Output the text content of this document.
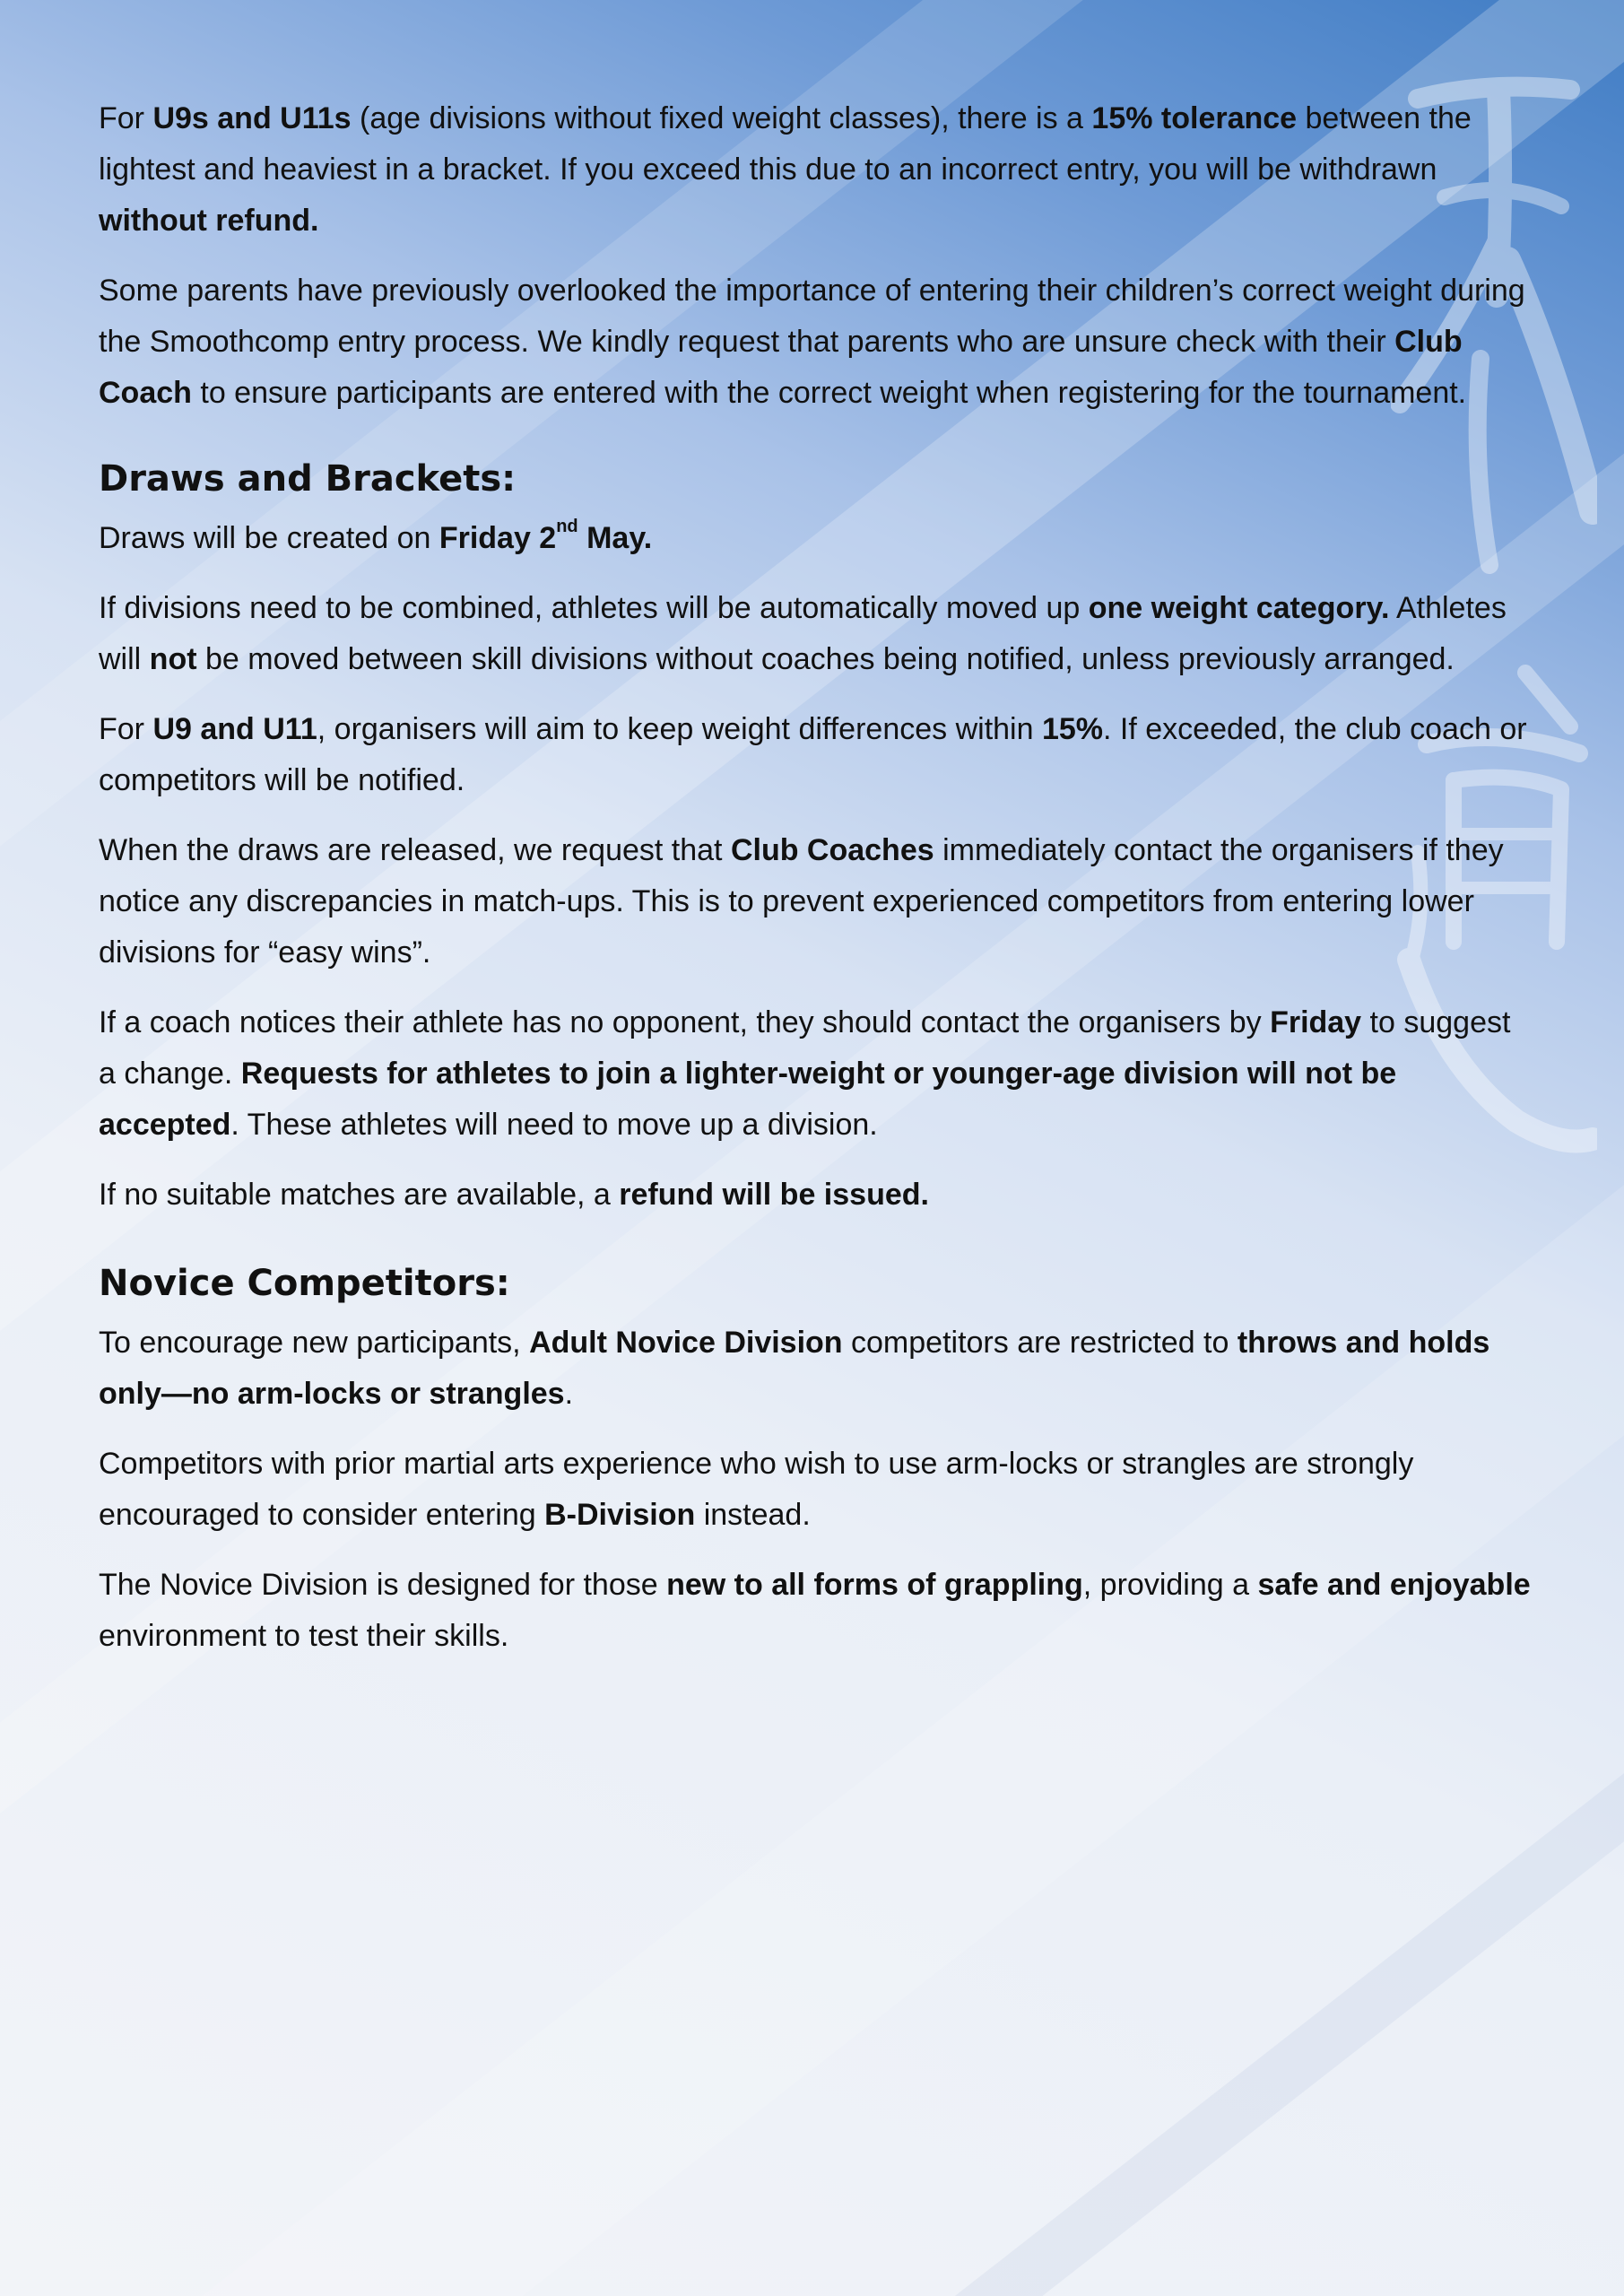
For U9s and U11s (age divisions without fixed weight classes), there is a 15% tolerance between the lightest and heaviest in a bracket. If you exceed this due to an incorrect entry, you will be withdrawn without refund.

Some parents have previously overlooked the importance of entering their children’s correct weight during the Smoothcomp entry process. We kindly request that parents who are unsure check with their Club Coach to ensure participants are entered with the correct weight when registering for the tournament.

Draws and Brackets:

Draws will be created on Friday 2nd May.

If divisions need to be combined, athletes will be automatically moved up one weight category. Athletes will not be moved between skill divisions without coaches being notified, unless previously arranged.

For U9 and U11, organisers will aim to keep weight differences within 15%. If exceeded, the club coach or competitors will be notified.

When the draws are released, we request that Club Coaches immediately contact the organisers if they notice any discrepancies in match-ups. This is to prevent experienced competitors from entering lower divisions for “easy wins”.

If a coach notices their athlete has no opponent, they should contact the organisers by Friday to suggest a change. Requests for athletes to join a lighter-weight or younger-age division will not be accepted. These athletes will need to move up a division.

If no suitable matches are available, a refund will be issued.

Novice Competitors:

To encourage new participants, Adult Novice Division competitors are restricted to throws and holds only—no arm-locks or strangles.

Competitors with prior martial arts experience who wish to use arm-locks or strangles are strongly encouraged to consider entering B-Division instead.

The Novice Division is designed for those new to all forms of grappling, providing a safe and enjoyable environment to test their skills.
